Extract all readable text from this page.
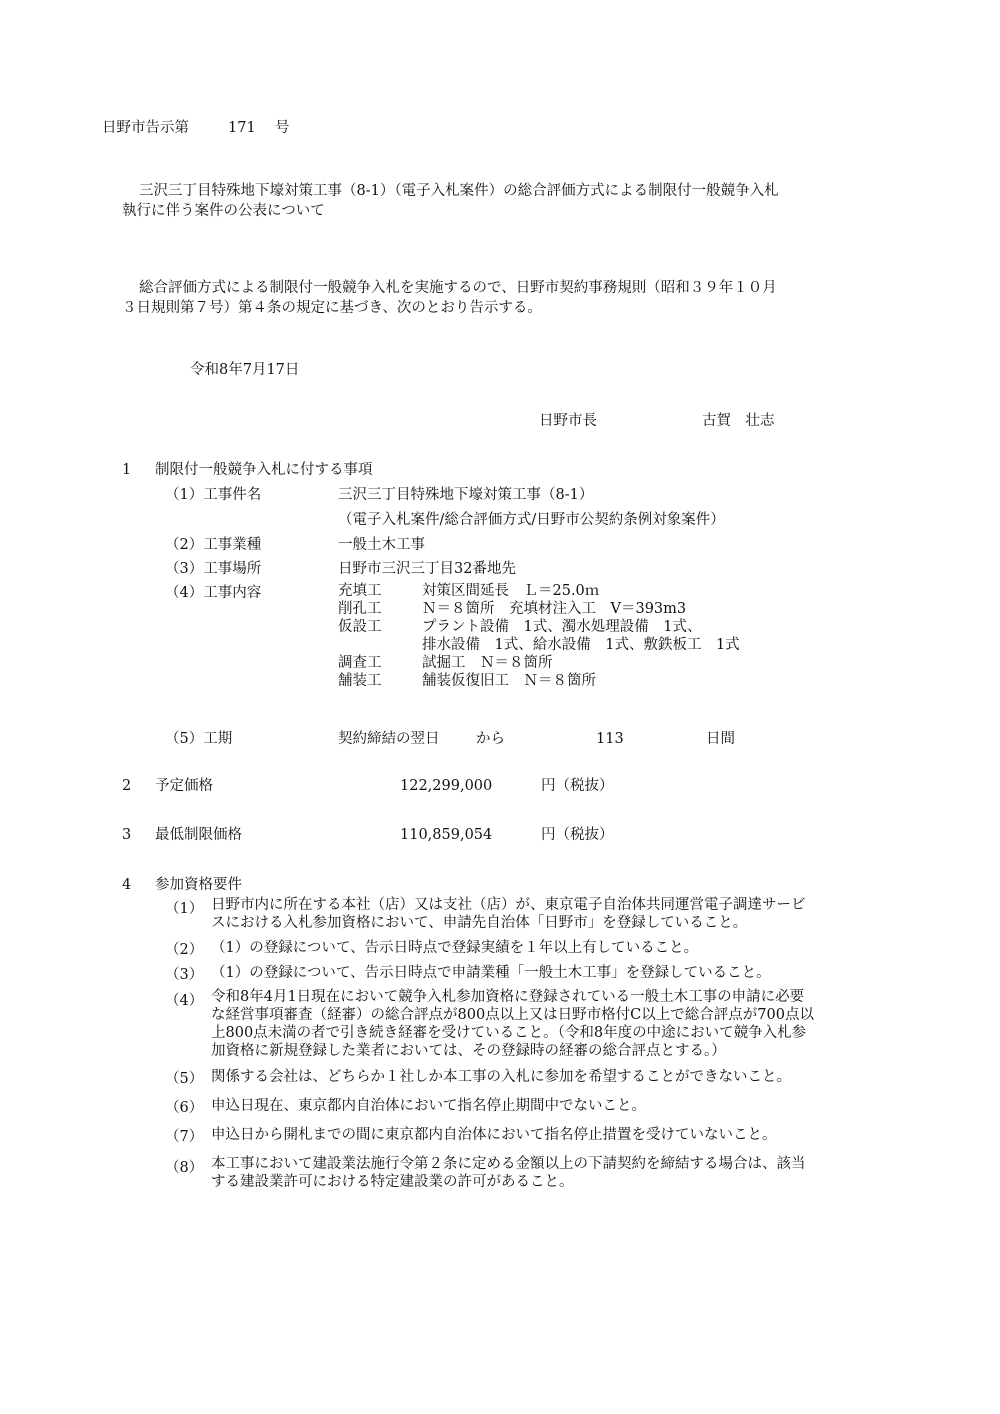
日野市告示第	171 号
三沢三丁目特殊地下壕対策工事（8-1）（電子入札案件）の総合評価方式による制限付一般競争入札
執行に伴う案件の公表について
総合評価方式による制限付一般競争入札を実施するので、日野市契約事務規則（昭和３９年１０月
３日規則第７号）第４条の規定に基づき、次のとおり告示する。
令和8年7月17日
日野市長	古賀　壮志
1 制限付一般競争入札に付する事項
（1）工事件名	三沢三丁目特殊地下壕対策工事（8-1）
（電子入札案件/総合評価方式/日野市公契約条例対象案件）
（2）工事業種	一般土木工事
（3）工事場所	日野市三沢三丁目32番地先
（4）工事内容	充填工	対策区間延長　Ｌ＝25.0ｍ
削孔工	Ｎ＝８箇所　充填材注入工　V＝393m3
仮設工	プラント設備　1式、濁水処理設備　1式、
排水設備　1式、給水設備　1式、敷鉄板工　1式
調査工	試掘工　Ｎ＝８箇所
舗装工	舗装仮復旧工　Ｎ＝８箇所
（5）工期	契約締結の翌日	から	113	日間
2 予定価格	122,299,000	円（税抜）
3 最低制限価格	110,859,054	円（税抜）
4 参加資格要件
（1） 日野市内に所在する本社（店）又は支社（店）が、東京電子自治体共同運営電子調達サービ
スにおける入札参加資格において、申請先自治体「日野市」を登録していること。
（2） （1）の登録について、告示日時点で登録実績を１年以上有していること。
（3） （1）の登録について、告示日時点で申請業種「一般土木工事」を登録していること。
（4） 令和8年4月1日現在において競争入札参加資格に登録されている一般土木工事の申請に必要
な経営事項審査（経審）の総合評点が800点以上又は日野市格付C以上で総合評点が700点以
上800点未満の者で引き続き経審を受けていること。（令和8年度の中途において競争入札参
加資格に新規登録した業者においては、その登録時の経審の総合評点とする。）
（5） 関係する会社は、どちらか１社しか本工事の入札に参加を希望することができないこと。
（6） 申込日現在、東京都内自治体において指名停止期間中でないこと。
（7） 申込日から開札までの間に東京都内自治体において指名停止措置を受けていないこと。
（8） 本工事において建設業法施行令第２条に定める金額以上の下請契約を締結する場合は、該当
する建設業許可における特定建設業の許可があること。
